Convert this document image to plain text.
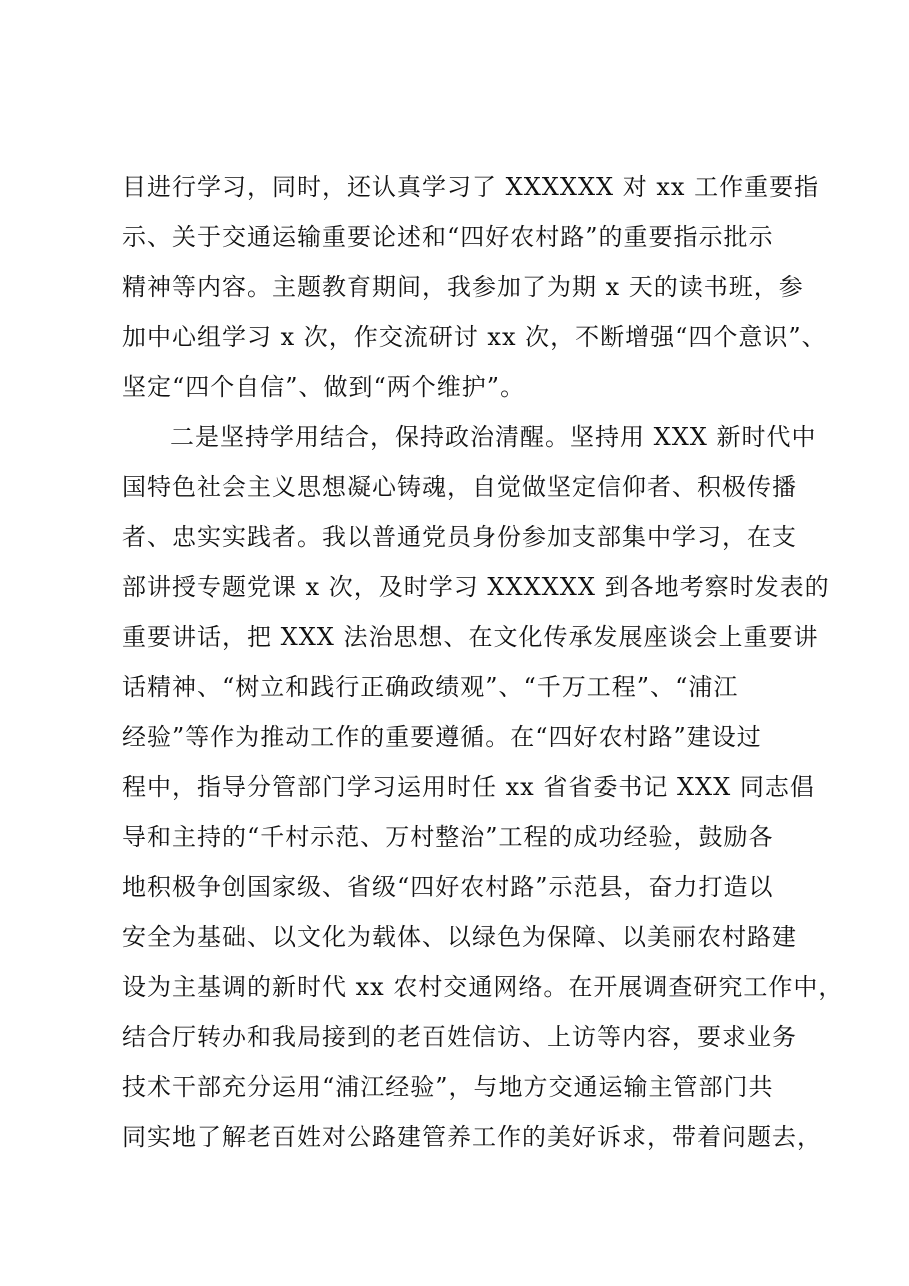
目进行学习，同时，还认真学习了 XXXXXX 对 xx 工作重要指
示、关于交通运输重要论述和“四好农村路”的重要指示批示
精神等内容。主题教育期间，我参加了为期 x 天的读书班，参
加中心组学习 x 次，作交流研讨 xx 次，不断增强“四个意识”、
坚定“四个自信”、做到“两个维护”。
二是坚持学用结合，保持政治清醒。坚持用 XXX 新时代中
国特色社会主义思想凝心铸魂，自觉做坚定信仰者、积极传播
者、忠实实践者。我以普通党员身份参加支部集中学习，在支
部讲授专题党课 x 次，及时学习 XXXXXX 到各地考察时发表的
重要讲话，把 XXX 法治思想、在文化传承发展座谈会上重要讲
话精神、“树立和践行正确政绩观”、“千万工程”、“浦江
经验”等作为推动工作的重要遵循。在“四好农村路”建设过
程中，指导分管部门学习运用时任 xx 省省委书记 XXX 同志倡
导和主持的“千村示范、万村整治”工程的成功经验，鼓励各
地积极争创国家级、省级“四好农村路”示范县，奋力打造以
安全为基础、以文化为载体、以绿色为保障、以美丽农村路建
设为主基调的新时代 xx 农村交通网络。在开展调查研究工作中，
结合厅转办和我局接到的老百姓信访、上访等内容，要求业务
技术干部充分运用“浦江经验”，与地方交通运输主管部门共
同实地了解老百姓对公路建管养工作的美好诉求，带着问题去，
